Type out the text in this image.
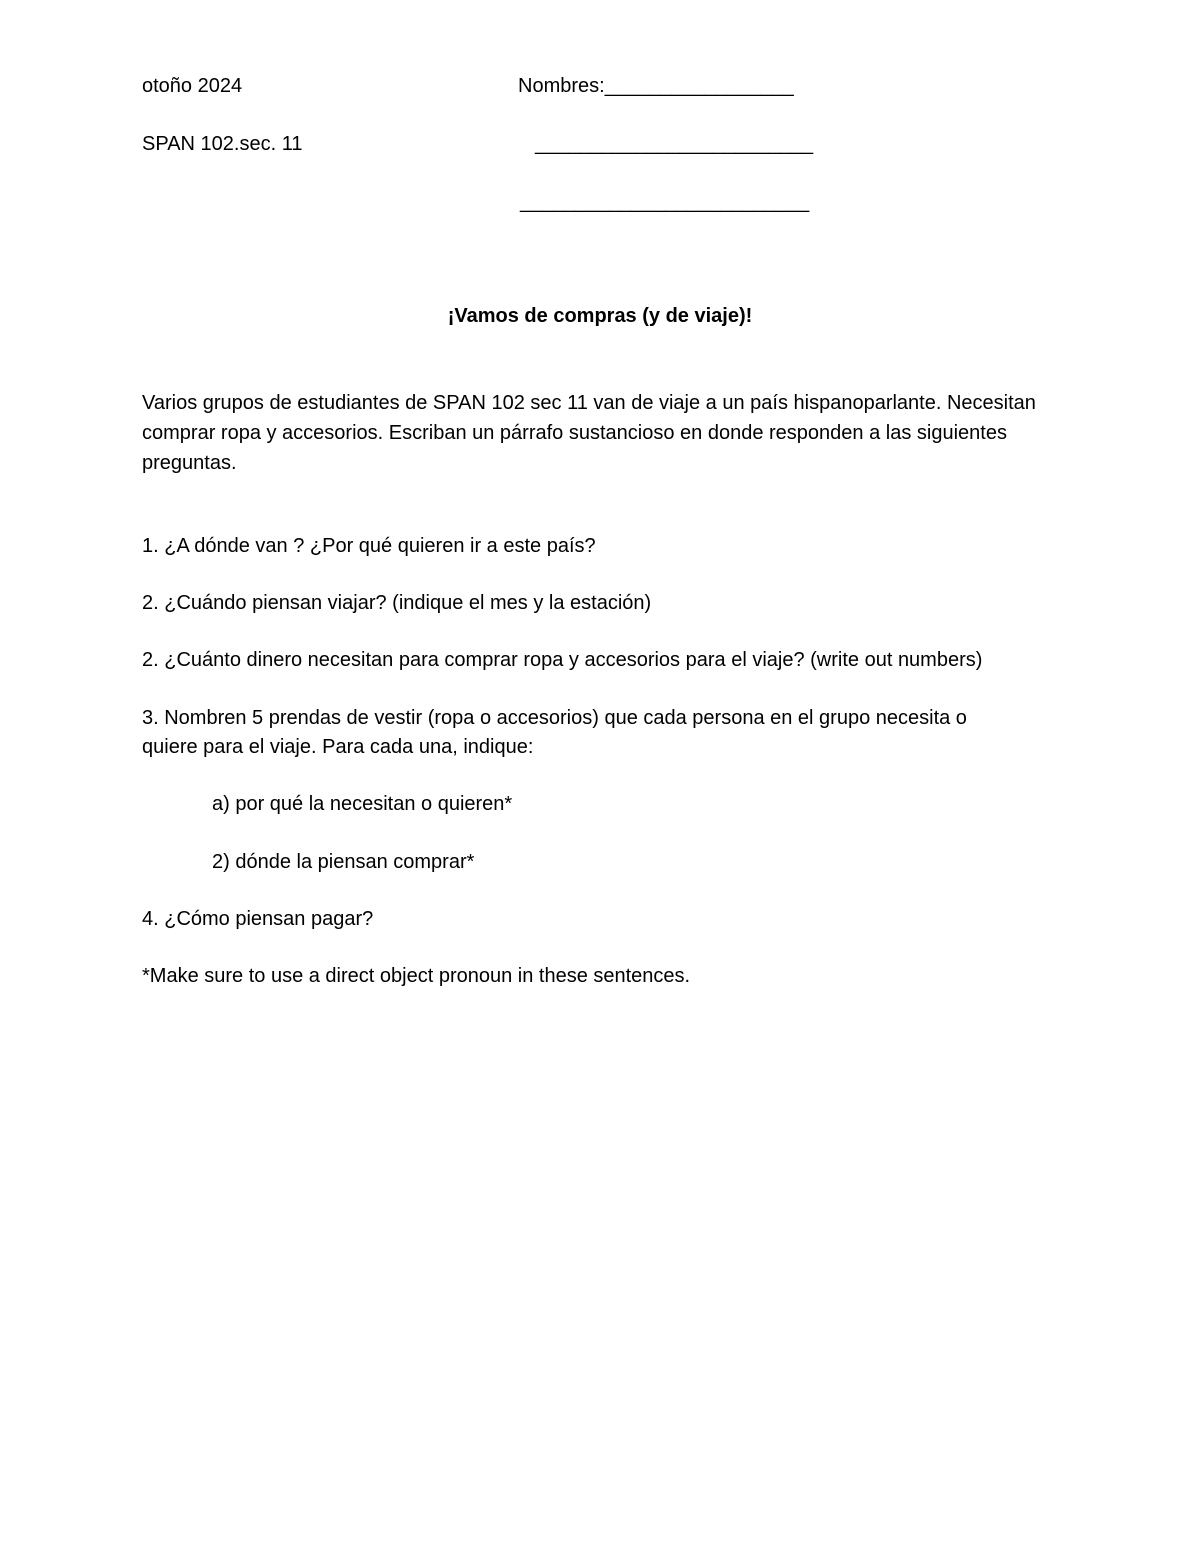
otoño 2024	Nombres:_________________
SPAN 102.sec. 11	_________________________
__________________________
¡Vamos de compras (y de viaje)!
Varios grupos de estudiantes de SPAN 102 sec 11 van de viaje a un país hispanoparlante. Necesitan comprar ropa y accesorios. Escriban un párrafo sustancioso en donde responden a las siguientes preguntas.
1. ¿A dónde van ? ¿Por qué quieren ir a este país?
2. ¿Cuándo piensan viajar? (indique el mes y la estación)
2. ¿Cuánto dinero necesitan para comprar ropa y accesorios para el viaje? (write out numbers)
3. Nombren 5 prendas de vestir (ropa o accesorios) que cada persona en el grupo necesita o
quiere para el viaje. Para cada una, indique:
a) por qué la necesitan o quieren*
2) dónde la piensan comprar*
4. ¿Cómo piensan pagar?
*Make sure to use a direct object pronoun in these sentences.
